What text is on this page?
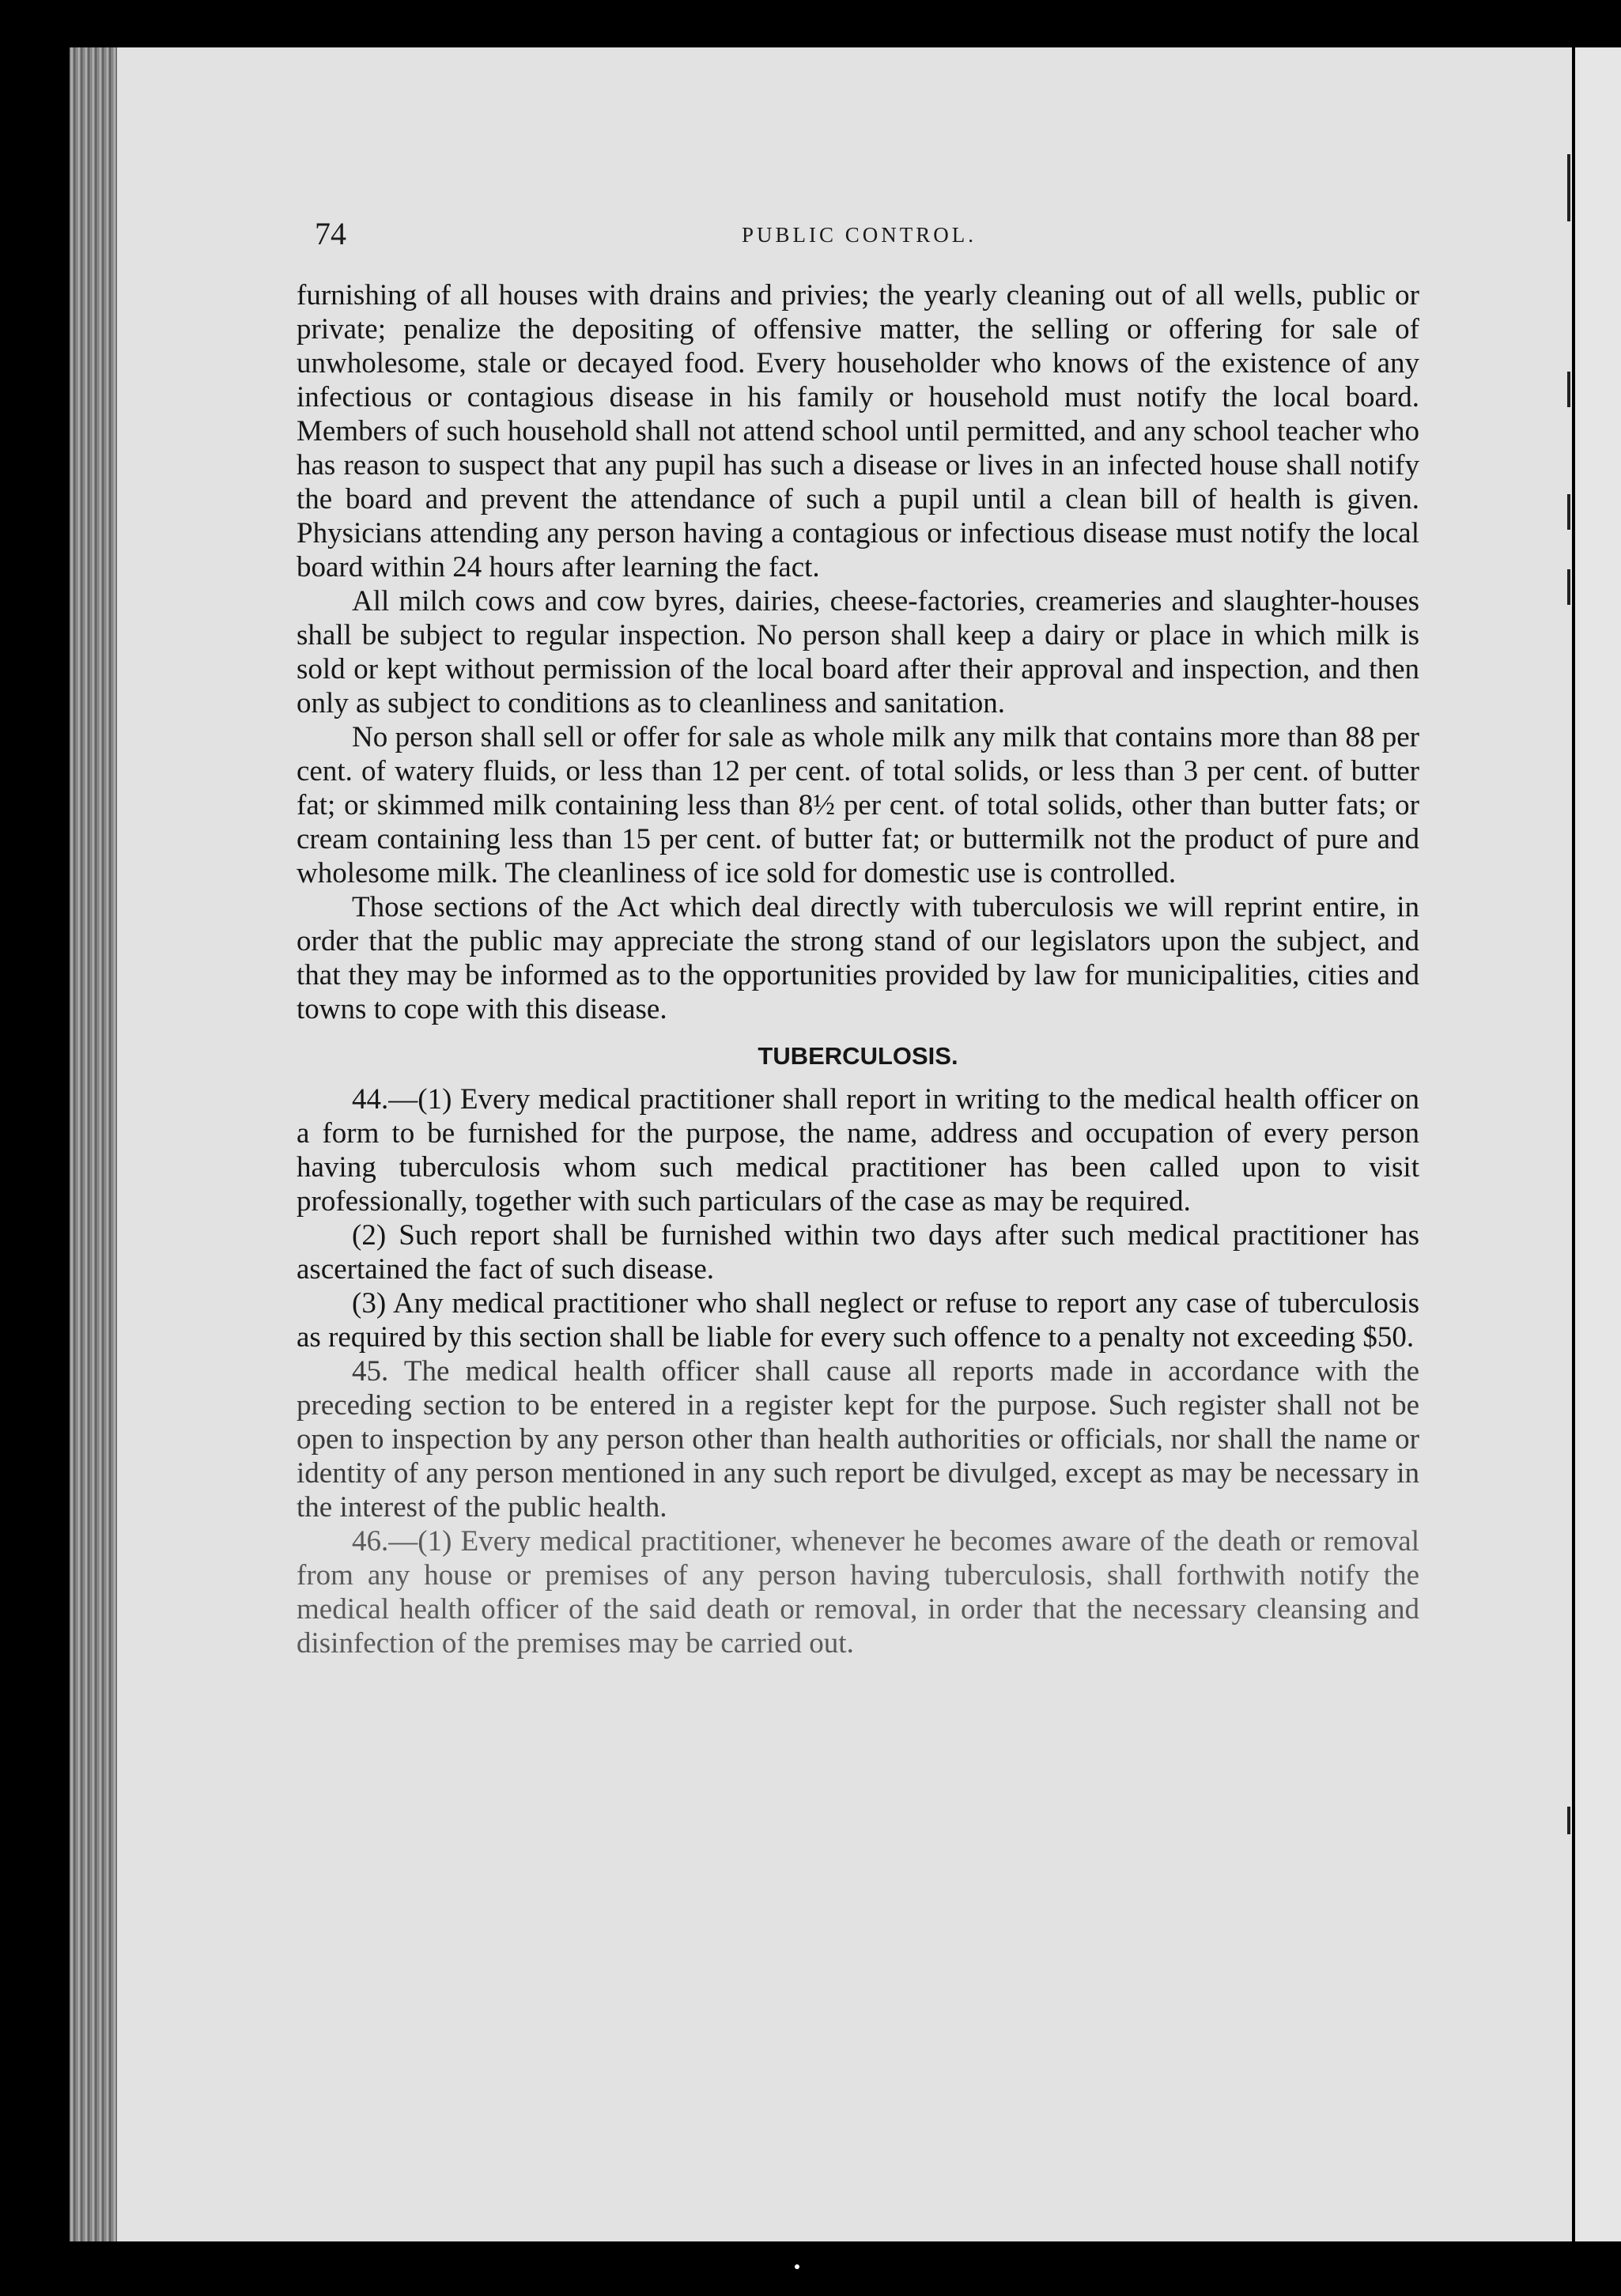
74	PUBLIC CONTROL.

furnishing of all houses with drains and privies; the yearly cleaning out of all wells, public or private; penalize the depositing of offensive matter, the selling or offering for sale of unwholesome, stale or decayed food. Every householder who knows of the existence of any infectious or contagious disease in his family or household must notify the local board. Members of such household shall not attend school until permitted, and any school teacher who has reason to suspect that any pupil has such a disease or lives in an infected house shall notify the board and prevent the attendance of such a pupil until a clean bill of health is given. Physicians attending any person having a contagious or infectious disease must notify the local board within 24 hours after learning the fact.

All milch cows and cow byres, dairies, cheese-factories, creameries and slaughter-houses shall be subject to regular inspection. No person shall keep a dairy or place in which milk is sold or kept without permission of the local board after their approval and inspection, and then only as subject to conditions as to cleanliness and sanitation.

No person shall sell or offer for sale as whole milk any milk that contains more than 88 per cent. of watery fluids, or less than 12 per cent. of total solids, or less than 3 per cent. of butter fat; or skimmed milk containing less than 8½ per cent. of total solids, other than butter fats; or cream containing less than 15 per cent. of butter fat; or buttermilk not the product of pure and wholesome milk. The cleanliness of ice sold for domestic use is controlled.

Those sections of the Act which deal directly with tuberculosis we will reprint entire, in order that the public may appreciate the strong stand of our legislators upon the subject, and that they may be informed as to the opportunities provided by law for municipalities, cities and towns to cope with this disease.

TUBERCULOSIS.

44.—(1) Every medical practitioner shall report in writing to the medical health officer on a form to be furnished for the purpose, the name, address and occupation of every person having tuberculosis whom such medical practitioner has been called upon to visit professionally, together with such particulars of the case as may be required.

(2) Such report shall be furnished within two days after such medical practitioner has ascertained the fact of such disease.

(3) Any medical practitioner who shall neglect or refuse to report any case of tuberculosis as required by this section shall be liable for every such offence to a penalty not exceeding $50.

45. The medical health officer shall cause all reports made in accordance with the preceding section to be entered in a register kept for the purpose. Such register shall not be open to inspection by any person other than health authorities or officials, nor shall the name or identity of any person mentioned in any such report be divulged, except as may be necessary in the interest of the public health.

46.—(1) Every medical practitioner, whenever he becomes aware of the death or removal from any house or premises of any person having tuberculosis, shall forthwith notify the medical health officer of the said death or removal, in order that the necessary cleansing and disinfection of the premises may be carried out.
